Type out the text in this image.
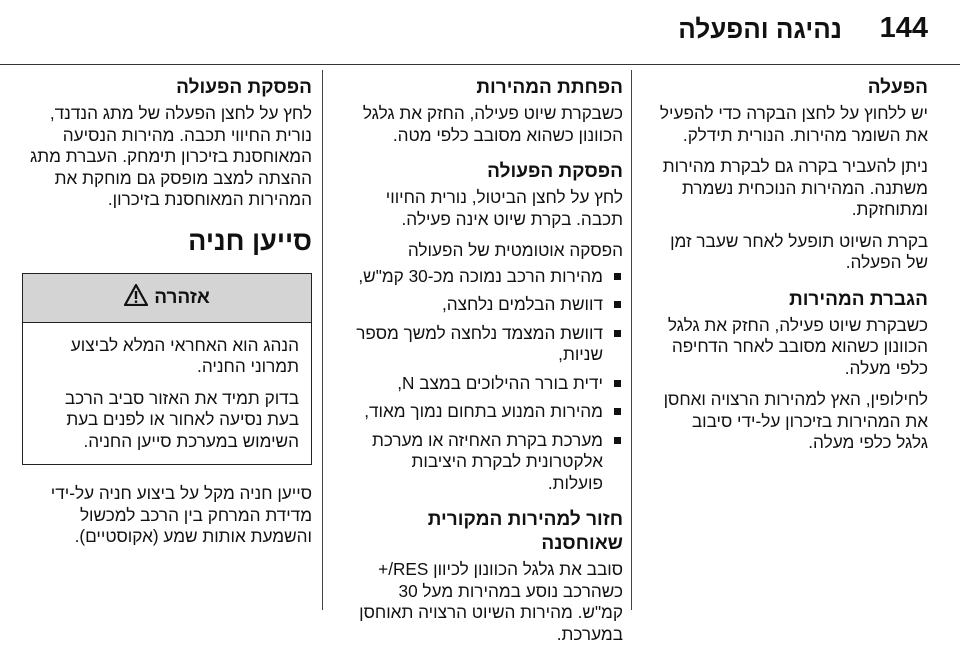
144
נהיגה והפעלה
הפעלה

יש ללחוץ על לחצן הבקרה כדי להפעיל את השומר מהירות. הנורית תידלק.

ניתן להעביר בקרה גם לבקרת מהירות משתנה. המהירות הנוכחית נשמרת ומתוחזקת.

בקרת השיוט תופעל לאחר שעבר זמן של הפעלה.

הגברת המהירות

כשבקרת שיוט פעילה, החזק את גלגל הכוונון כשהוא מסובב לאחר הדחיפה כלפי מעלה.

לחילופין, האץ למהירות הרצויה ואחסן את המהירות בזיכרון על-ידי סיבוב גלגל כלפי מעלה.

הפחתת המהירות

כשבקרת שיוט פעילה, החזק את גלגל הכוונון כשהוא מסובב כלפי מטה.

הפסקת הפעולה

לחץ על לחצן הביטול, נורית החיווי תכבה. בקרת שיוט אינה פעילה.

הפסקה אוטומטית של הפעולה

מהירות הרכב נמוכה מכ-30 קמ"ש,
דוושת הבלמים נלחצה,
דוושת המצמד נלחצה למשך מספר שניות,
ידית בורר ההילוכים במצב N,
מהירות המנוע בתחום נמוך מאוד,
מערכת בקרת האחיזה או מערכת אלקטרונית לבקרת היציבות פועלות.
חזור למהירות המקורית שאוחסנה

סובב את גלגל הכוונון לכיוון RES/+ כשהרכב נוסע במהירות מעל 30 קמ"ש. מהירות השיוט הרצויה תאוחסן במערכת.

הפסקת הפעולה

לחץ על לחצן הפעלה של מתג הנדנד, נורית החיווי תכבה. מהירות הנסיעה המאוחסנת בזיכרון תימחק. העברת מתג ההצתה למצב מופסק גם מוחקת את המהירות המאוחסנת בזיכרון.

סייען חניה
אזהרה

הנהג הוא האחראי המלא לביצוע תמרוני החניה.

בדוק תמיד את האזור סביב הרכב בעת נסיעה לאחור או לפנים בעת השימוש במערכת סייען החניה.

סייען חניה מקל על ביצוע חניה על-ידי מדידת המרחק בין הרכב למכשול והשמעת אותות שמע (אקוסטיים).
